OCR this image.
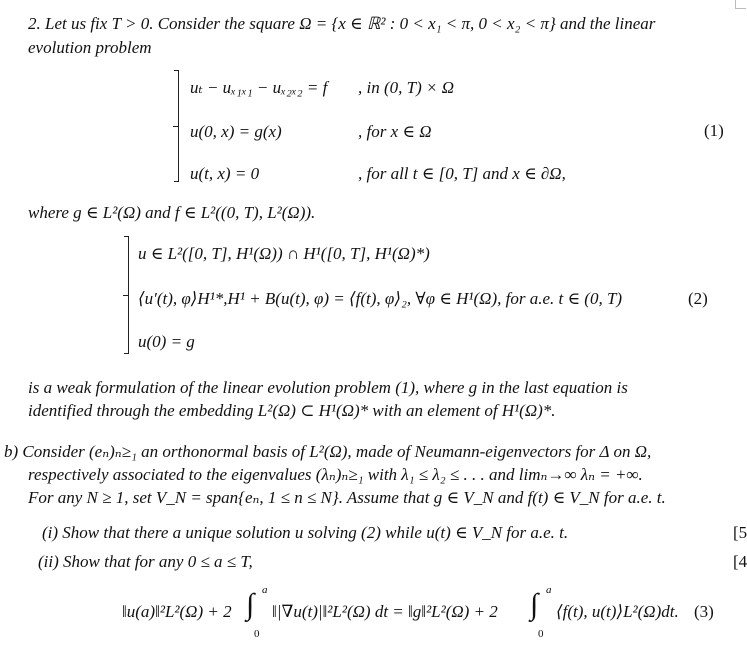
2. Let us fix T > 0. Consider the square Ω = {x ∈ ℝ² : 0 < x₁ < π, 0 < x₂ < π} and the linear
evolution problem
uₜ − uₓ₁ₓ₁ − uₓ₂ₓ₂ = f , in (0, T) × Ω
u(0, x) = g(x)	, for x ∈ Ω
u(t, x) = 0	, for all t ∈ [0, T] and x ∈ ∂Ω,
(1)
where g ∈ L²(Ω) and f ∈ L²((0, T), L²(Ω)).
u ∈ L²([0, T], H¹(Ω)) ∩ H¹([0, T], H¹(Ω)*)
⟨u′(t), φ⟩H¹*,H¹ + B(u(t), φ) = ⟨f(t), φ⟩₂, ∀φ ∈ H¹(Ω), for a.e. t ∈ (0, T)
u(0) = g
(2)
is a weak formulation of the linear evolution problem (1), where g in the last equation is
identified through the embedding L²(Ω) ⊂ H¹(Ω)* with an element of H¹(Ω)*.
b) Consider (eₙ)ₙ≥₁ an orthonormal basis of L²(Ω), made of Neumann-eigenvectors for Δ on Ω,
respectively associated to the eigenvalues (λₙ)ₙ≥₁ with λ₁ ≤ λ₂ ≤ . . . and limₙ→∞ λₙ = +∞.
For any N ≥ 1, set V_N = span{eₙ, 1 ≤ n ≤ N}. Assume that g ∈ V_N and f(t) ∈ V_N for a.e. t.
(i) Show that there a unique solution u solving (2) while u(t) ∈ V_N for a.e. t.	[5
(ii) Show that for any 0 ≤ a ≤ T,	[4
‖u(a)‖²L²(Ω) + 2 ∫ a
0
‖|∇u(t)|‖²L²(Ω) dt = ‖g‖²L²(Ω) + 2 ∫ a
0
⟨f(t), u(t)⟩L²(Ω)dt. (3)
